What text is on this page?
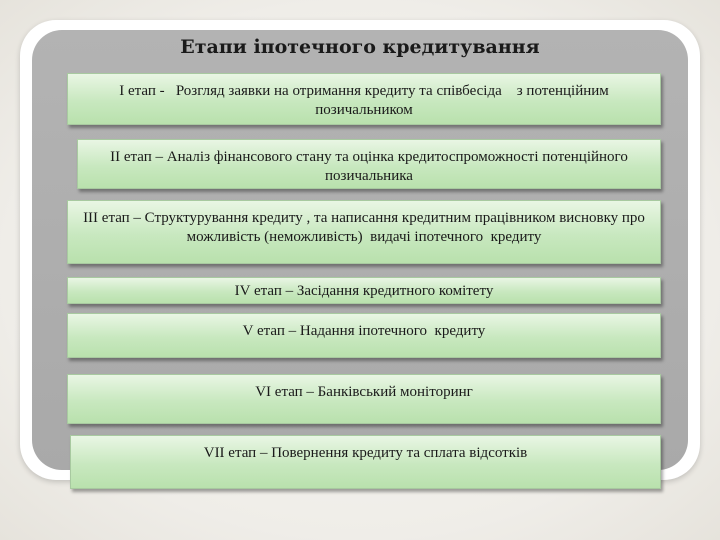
Етапи іпотечного кредитування
І етап -   Розгляд заявки на отримання кредиту та співбесіда    з потенційним позичальником
ІІ етап – Аналіз фінансового стану та оцінка кредитоспроможності потенційного позичальника
ІІІ етап – Структурування кредиту , та написання кредитним працівником висновку про можливість (неможливість)  видачі іпотечного  кредиту
ІV етап – Засідання кредитного комітету
V етап – Надання іпотечного  кредиту
VІ етап – Банківський моніторинг
VІІ етап – Повернення кредиту та сплата відсотків
